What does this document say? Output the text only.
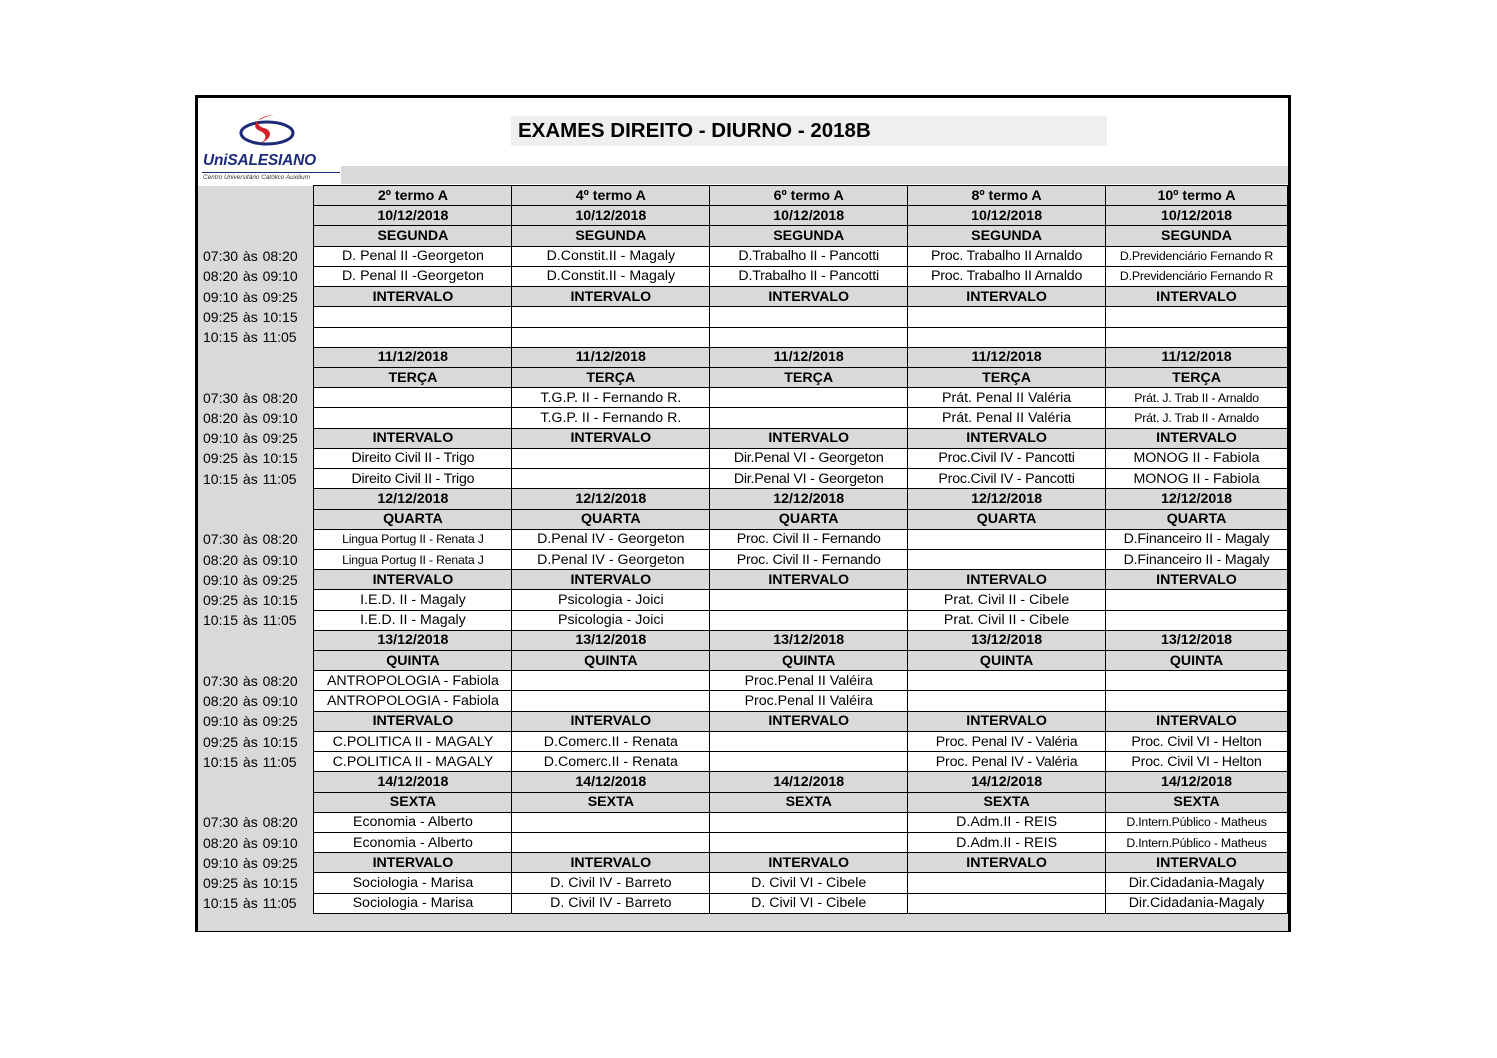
UniSALESIANO
Centro Universitário Católico Auxilium
EXAMES DIREITO - DIURNO - 2018B
	2º termo A	4º termo A	6º termo A	8º termo A	10º termo A
	10/12/2018	10/12/2018	10/12/2018	10/12/2018	10/12/2018
	SEGUNDA	SEGUNDA	SEGUNDA	SEGUNDA	SEGUNDA
07:30 às 08:20	D. Penal II -Georgeton	D.Constit.II - Magaly	D.Trabalho II - Pancotti	Proc. Trabalho II Arnaldo	D.Previdenciário Fernando R
08:20 às 09:10	D. Penal II -Georgeton	D.Constit.II - Magaly	D.Trabalho II - Pancotti	Proc. Trabalho II Arnaldo	D.Previdenciário Fernando R
09:10 às 09:25	INTERVALO	INTERVALO	INTERVALO	INTERVALO	INTERVALO
09:25 às 10:15					
10:15 às 11:05					
	11/12/2018	11/12/2018	11/12/2018	11/12/2018	11/12/2018
	TERÇA	TERÇA	TERÇA	TERÇA	TERÇA
07:30 às 08:20		T.G.P. II - Fernando R.		Prát. Penal II Valéria	Prát. J. Trab II - Arnaldo
08:20 às 09:10		T.G.P. II - Fernando R.		Prát. Penal II Valéria	Prát. J. Trab II - Arnaldo
09:10 às 09:25	INTERVALO	INTERVALO	INTERVALO	INTERVALO	INTERVALO
09:25 às 10:15	Direito Civil II - Trigo		Dir.Penal VI - Georgeton	Proc.Civil IV - Pancotti	MONOG II - Fabiola
10:15 às 11:05	Direito Civil II - Trigo		Dir.Penal VI - Georgeton	Proc.Civil IV - Pancotti	MONOG II - Fabiola
	12/12/2018	12/12/2018	12/12/2018	12/12/2018	12/12/2018
	QUARTA	QUARTA	QUARTA	QUARTA	QUARTA
07:30 às 08:20	Lingua Portug II - Renata J	D.Penal IV - Georgeton	Proc. Civil II - Fernando		D.Financeiro II - Magaly
08:20 às 09:10	Lingua Portug II - Renata J	D.Penal IV - Georgeton	Proc. Civil II - Fernando		D.Financeiro II - Magaly
09:10 às 09:25	INTERVALO	INTERVALO	INTERVALO	INTERVALO	INTERVALO
09:25 às 10:15	I.E.D. II - Magaly	Psicologia - Joici		Prat. Civil II - Cibele	
10:15 às 11:05	I.E.D. II - Magaly	Psicologia - Joici		Prat. Civil II - Cibele	
	13/12/2018	13/12/2018	13/12/2018	13/12/2018	13/12/2018
	QUINTA	QUINTA	QUINTA	QUINTA	QUINTA
07:30 às 08:20	ANTROPOLOGIA - Fabiola		Proc.Penal II Valéira		
08:20 às 09:10	ANTROPOLOGIA - Fabiola		Proc.Penal II Valéira		
09:10 às 09:25	INTERVALO	INTERVALO	INTERVALO	INTERVALO	INTERVALO
09:25 às 10:15	C.POLITICA II - MAGALY	D.Comerc.II - Renata		Proc. Penal IV - Valéria	Proc. Civil VI - Helton
10:15 às 11:05	C.POLITICA II - MAGALY	D.Comerc.II - Renata		Proc. Penal IV - Valéria	Proc. Civil VI - Helton
	14/12/2018	14/12/2018	14/12/2018	14/12/2018	14/12/2018
	SEXTA	SEXTA	SEXTA	SEXTA	SEXTA
07:30 às 08:20	Economia - Alberto			D.Adm.II - REIS	D.Intern.Público - Matheus
08:20 às 09:10	Economia - Alberto			D.Adm.II - REIS	D.Intern.Público - Matheus
09:10 às 09:25	INTERVALO	INTERVALO	INTERVALO	INTERVALO	INTERVALO
09:25 às 10:15	Sociologia - Marisa	D. Civil IV - Barreto	D. Civil VI - Cibele		Dir.Cidadania-Magaly
10:15 às 11:05	Sociologia - Marisa	D. Civil IV - Barreto	D. Civil VI - Cibele		Dir.Cidadania-Magaly
